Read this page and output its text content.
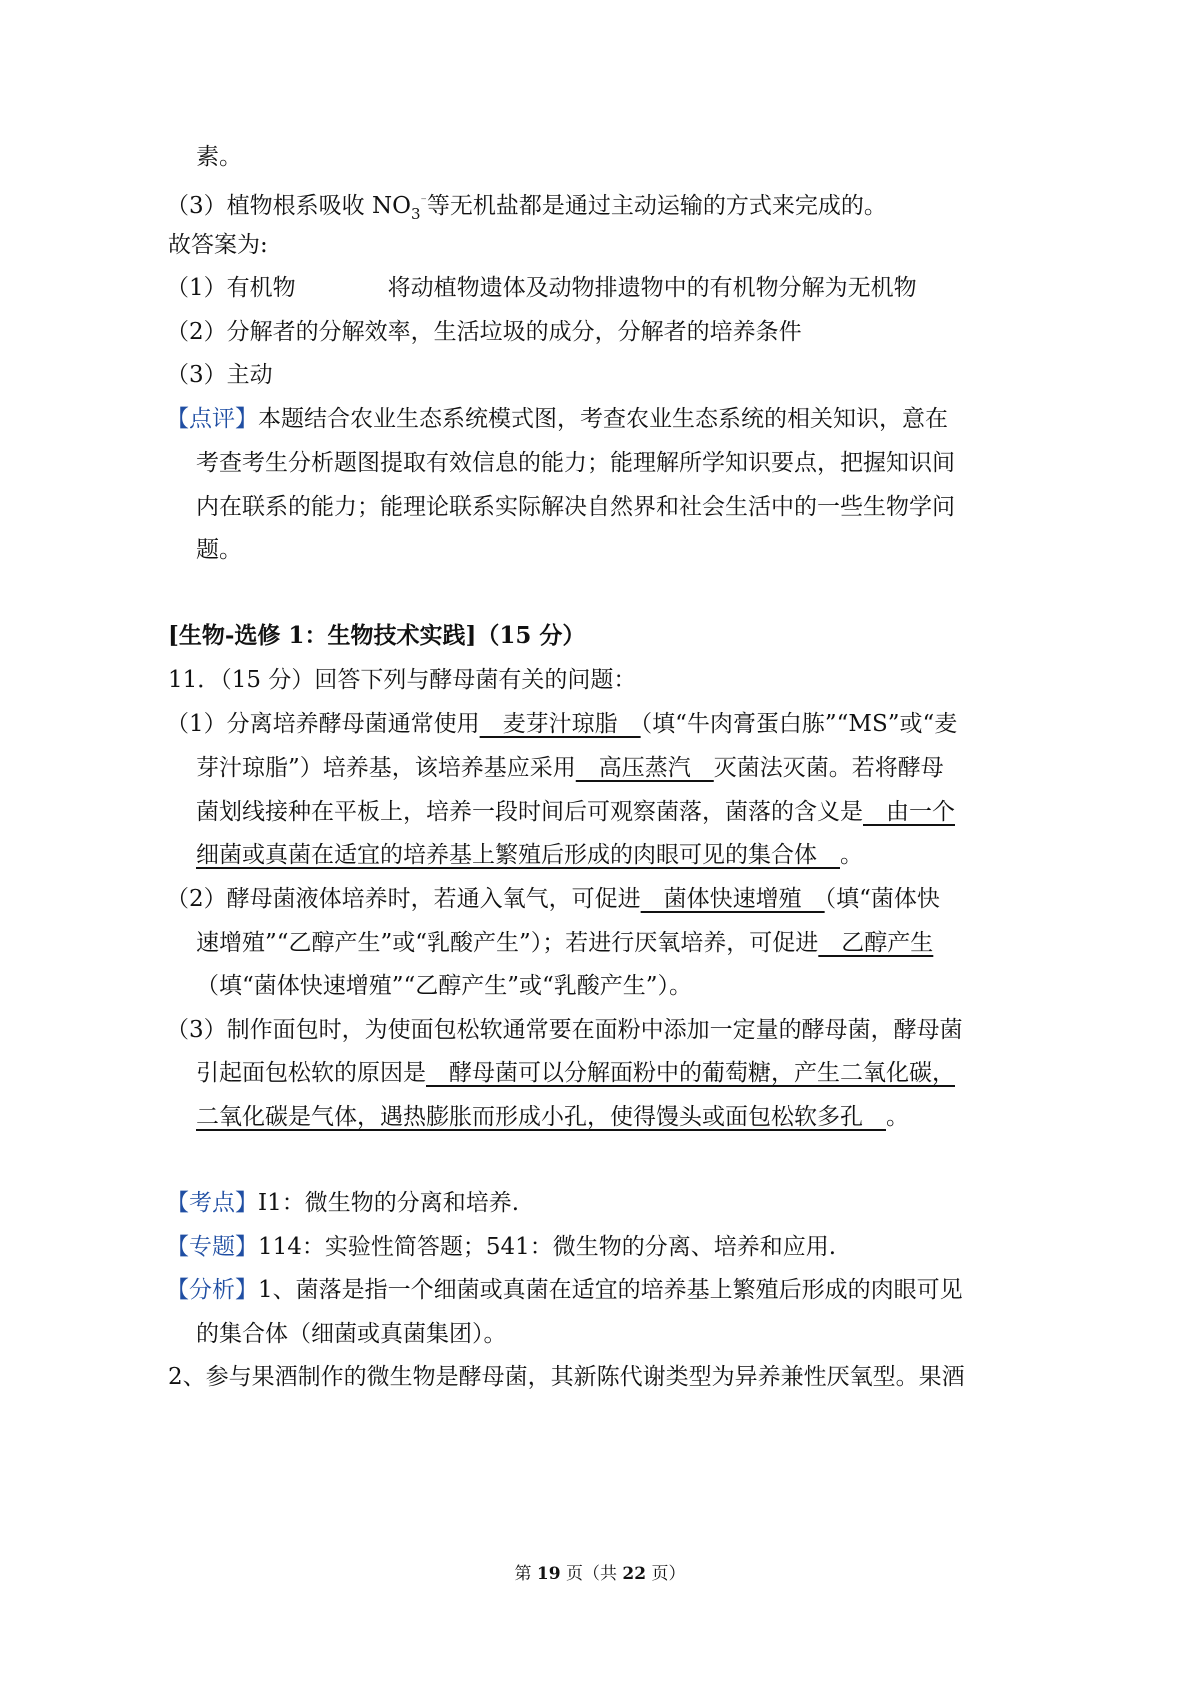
素。
（3）植物根系吸收 $NO_3^{^-}$等无机盐都是通过主动运输的方式来完成的。
故答案为:
（1）有机物	将动植物遗体及动物排遗物中的有机物分解为无机物
（2）分解者的分解效率，生活垃圾的成分，分解者的培养条件
（3）主动
【点评】本题结合农业生态系统模式图，考查农业生态系统的相关知识，意在
考查考生分析题图提取有效信息的能力；能理解所学知识要点，把握知识间
内在联系的能力；能理论联系实际解决自然界和社会生活中的一些生物学问
题。
[生物-选修 1：生物技术实践]（15 分）
11．（15 分）回答下列与酵母菌有关的问题：
（1）分离培养酵母菌通常使用　麦芽汁琼脂　（填“牛肉膏蛋白胨”“MS”或“麦
芽汁琼脂”）培养基，该培养基应采用　高压蒸汽　灭菌法灭菌。若将酵母
菌划线接种在平板上，培养一段时间后可观察菌落，菌落的含义是　由一个
细菌或真菌在适宜的培养基上繁殖后形成的肉眼可见的集合体　。
（2）酵母菌液体培养时，若通入氧气，可促进　菌体快速增殖　（填“菌体快
速增殖”“乙醇产生”或“乳酸产生”）；若进行厌氧培养，可促进　乙醇产生
（填“菌体快速增殖”“乙醇产生”或“乳酸产生”）。
（3）制作面包时，为使面包松软通常要在面粉中添加一定量的酵母菌，酵母菌
引起面包松软的原因是　酵母菌可以分解面粉中的葡萄糖，产生二氧化碳，
二氧化碳是气体，遇热膨胀而形成小孔，使得馒头或面包松软多孔　。
【考点】I1：微生物的分离和培养.
【专题】114：实验性简答题；541：微生物的分离、培养和应用.
【分析】1、菌落是指一个细菌或真菌在适宜的培养基上繁殖后形成的肉眼可见
的集合体（细菌或真菌集团）。
2、参与果酒制作的微生物是酵母菌，其新陈代谢类型为异养兼性厌氧型。果酒
第 19 页（共 22 页）
